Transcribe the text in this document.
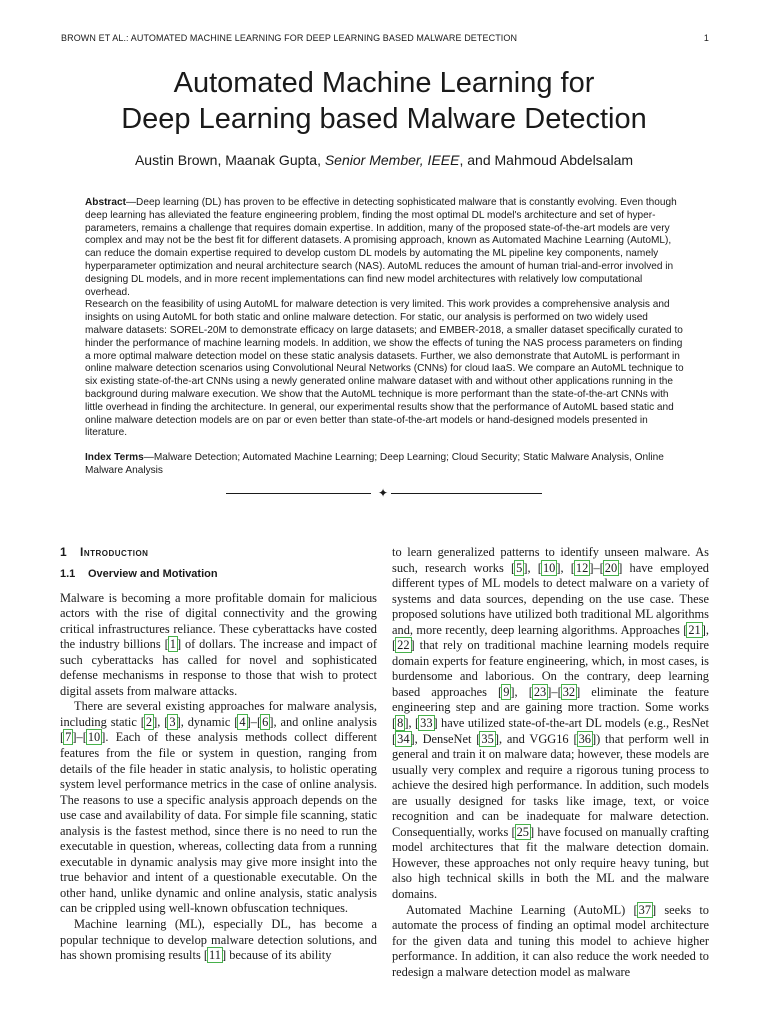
BROWN ET AL.: AUTOMATED MACHINE LEARNING FOR DEEP LEARNING BASED MALWARE DETECTION	1
Automated Machine Learning for
Deep Learning based Malware Detection
Austin Brown, Maanak Gupta, Senior Member, IEEE, and Mahmoud Abdelsalam

Abstract—Deep learning (DL) has proven to be effective in detecting sophisticated malware that is constantly evolving. Even though deep learning has alleviated the feature engineering problem, finding the most optimal DL model's architecture and set of hyper-parameters, remains a challenge that requires domain expertise. In addition, many of the proposed state-of-the-art models are very complex and may not be the best fit for different datasets. A promising approach, known as Automated Machine Learning (AutoML), can reduce the domain expertise required to develop custom DL models by automating the ML pipeline key components, namely hyperparameter optimization and neural architecture search (NAS). AutoML reduces the amount of human trial-and-error involved in designing DL models, and in more recent implementations can find new model architectures with relatively low computational overhead.

Research on the feasibility of using AutoML for malware detection is very limited. This work provides a comprehensive analysis and insights on using AutoML for both static and online malware detection. For static, our analysis is performed on two widely used malware datasets: SOREL-20M to demonstrate efficacy on large datasets; and EMBER-2018, a smaller dataset specifically curated to hinder the performance of machine learning models. In addition, we show the effects of tuning the NAS process parameters on finding a more optimal malware detection model on these static analysis datasets. Further, we also demonstrate that AutoML is performant in online malware detection scenarios using Convolutional Neural Networks (CNNs) for cloud IaaS. We compare an AutoML technique to six existing state-of-the-art CNNs using a newly generated online malware dataset with and without other applications running in the background during malware execution. We show that the AutoML technique is more performant than the state-of-the-art CNNs with little overhead in finding the architecture. In general, our experimental results show that the performance of AutoML based static and online malware detection models are on par or even better than state-of-the-art models or hand-designed models presented in literature.

Index Terms—Malware Detection; Automated Machine Learning; Deep Learning; Cloud Security; Static Malware Analysis, Online Malware Analysis
✦
1 Introduction
1.1 Overview and Motivation

Malware is becoming a more profitable domain for malicious actors with the rise of digital connectivity and the growing critical infrastructures reliance. These cyberattacks have costed the industry billions [1] of dollars. The increase and impact of such cyberattacks has called for novel and sophisticated defense mechanisms in response to those that wish to protect digital assets from malware attacks.

There are several existing approaches for malware analysis, including static [2], [3], dynamic [4]–[6], and online analysis [7]–[10]. Each of these analysis methods collect different features from the file or system in question, ranging from details of the file header in static analysis, to holistic operating system level performance metrics in the case of online analysis. The reasons to use a specific analysis approach depends on the use case and availability of data. For simple file scanning, static analysis is the fastest method, since there is no need to run the executable in question, whereas, collecting data from a running executable in dynamic analysis may give more insight into the true behavior and intent of a questionable executable. On the other hand, unlike dynamic and online analysis, static analysis can be crippled using well-known obfuscation techniques.

Machine learning (ML), especially DL, has become a popular technique to develop malware detection solutions, and has shown promising results [11] because of its ability

to learn generalized patterns to identify unseen malware. As such, research works [5], [10], [12]–[20] have employed different types of ML models to detect malware on a variety of systems and data sources, depending on the use case. These proposed solutions have utilized both traditional ML algorithms and, more recently, deep learning algorithms. Approaches [21], [22] that rely on traditional machine learning models require domain experts for feature engineering, which, in most cases, is burdensome and laborious. On the contrary, deep learning based approaches [9], [23]–[32] eliminate the feature engineering step and are gaining more traction. Some works [8], [33] have utilized state-of-the-art DL models (e.g., ResNet [34], DenseNet [35], and VGG16 [36]) that perform well in general and train it on malware data; however, these models are usually very complex and require a rigorous tuning process to achieve the desired high performance. In addition, such models are usually designed for tasks like image, text, or voice recognition and can be inadequate for malware detection. Consequentially, works [25] have focused on manually crafting model architectures that fit the malware detection domain. However, these approaches not only require heavy tuning, but also high technical skills in both the ML and the malware domains.

Automated Machine Learning (AutoML) [37] seeks to automate the process of finding an optimal model architecture for the given data and tuning this model to achieve higher performance. In addition, it can also reduce the work needed to redesign a malware detection model as malware
